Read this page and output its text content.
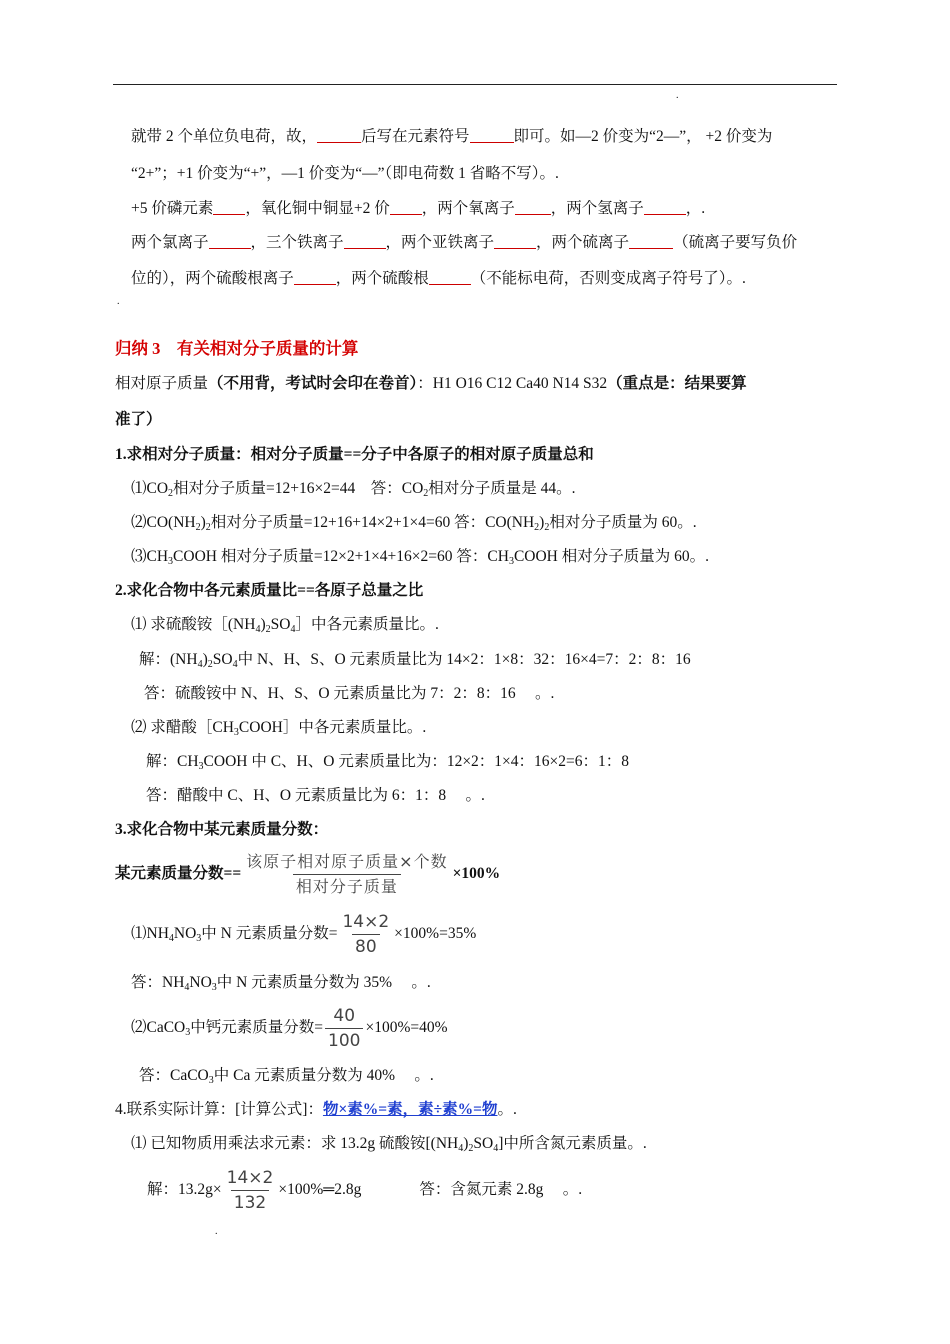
.
就带 2 个单位负电荷，故，	后写在元素符号	即可。如—2 价变为“2—”， +2 价变为
“2+”；+1 价变为“+”，—1 价变为“—”（即电荷数 1 省略不写）。.
+5 价磷元素 ，氧化铜中铜显+2 价 ，两个氧离子 ，两个氢离子	，.
两个氯离子	，三个铁离子	，两个亚铁离子	，两个硫离子	（硫离子要写负价
位的），两个硫酸根离子	，两个硫酸根	（不能标电荷，否则变成离子符号了）。.
.
归纳 3　有关相对分子质量的计算
相对原子质量（不用背，考试时会印在卷首）：H1 O16 C12 Ca40 N14 S32（重点是：结果要算
准了）
1.求相对分子质量：相对分子质量==分子中各原子的相对原子质量总和
$⑴CO_2$相对分子质量=12+16×2=44　答：$CO_2$相对分子质量是 44。.
$⑵CO(NH_2)_2$相对分子质量=12+16+14×2+1×4=60 答：$CO(NH_2)_2$相对分子质量为 60。.
$⑶CH_3COOH$ 相对分子质量=12×2+1×4+16×2=60 答：$CH_3COOH$ 相对分子质量为 60。.
2.求化合物中各元素质量比==各原子总量之比
⑴ 求硫酸铵$[(NH_4)_2SO_4]$中各元素质量比。.
解：$(NH_4)_2SO_4$中 N、H、S、O 元素质量比为 14×2：1×8：32：16×4=7：2：8：16
答：硫酸铵中 N、H、S、O 元素质量比为 7：2：8：16 　。.
⑵ 求醋酸$[CH_3COOH]$中各元素质量比。.
解：$CH_3COOH$ 中 C、H、O 元素质量比为：12×2：1×4：16×2=6：1：8
答：醋酸中 C、H、O 元素质量比为 6：1：8　 。.
3.求化合物中某元素质量分数：
某元素质量分数== $\frac{\text{该原子相对原子质量×个数}}{\text{相对分子质量}} \times 100\%$
$⑴NH_4NO_3$中 N 元素质量分数= $\frac{14\times 2}{80} \times 100\%=35\%$
答：$NH_4NO_3$中 N 元素质量分数为 35% 　。.
⑵CaCO$_3$中钙元素质量分数= $\frac{40}{100} \times 100\%=40\%$
答：CaCO$_3$中 Ca 元素质量分数为 40% 　。.
4.联系实际计算：[计算公式]：物×素%=素，素÷素%=物。.
⑴ 已知物质用乘法求元素：求 13.2g 硫酸铵$[(NH_4)_2SO_4]$中所含氮元素质量。.
解：$13.2g\times \frac{14\times 2}{132}$ ×100%═2.8g	答：含氮元素 2.8g 　。.
.
